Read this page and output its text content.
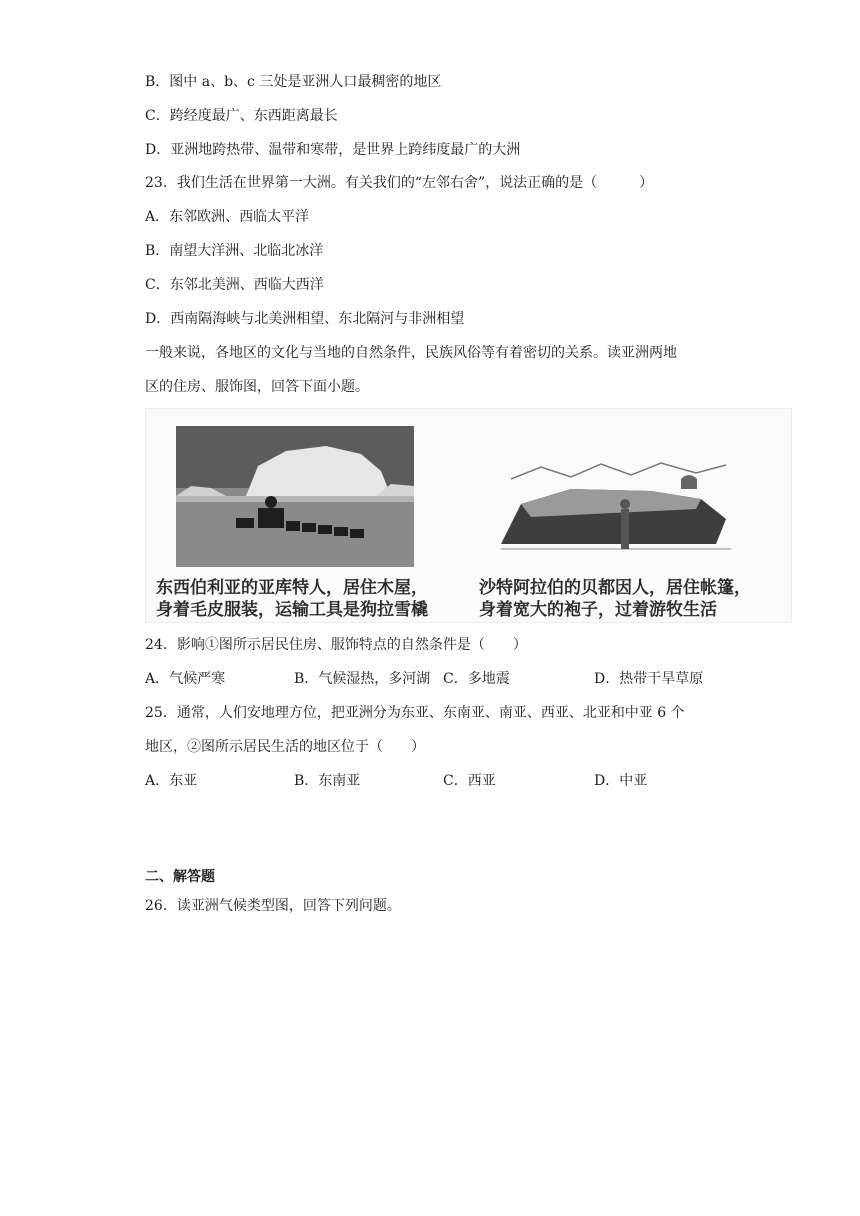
B．图中 a、b、c 三处是亚洲人口最稠密的地区
C．跨经度最广、东西距离最长
D．亚洲地跨热带、温带和寒带，是世界上跨纬度最广的大洲
23．我们生活在世界第一大洲。有关我们的“左邻右舍”，说法正确的是（　　　）
A．东邻欧洲、西临太平洋
B．南望大洋洲、北临北冰洋
C．东邻北美洲、西临大西洋
D．西南隔海峡与北美洲相望、东北隔河与非洲相望
一般来说，各地区的文化与当地的自然条件，民族风俗等有着密切的关系。读亚洲两地
区的住房、服饰图，回答下面小题。
东西伯利亚的亚库特人，居住木屋，
身着毛皮服装，运输工具是狗拉雪橇
沙特阿拉伯的贝都因人，居住帐篷，
身着宽大的袍子，过着游牧生活
24．影响①图所示居民住房、服饰特点的自然条件是（　　）
A．气候严寒	B．气候湿热，多河湖 C．多地震	D．热带干旱草原
25．通常，人们安地理方位，把亚洲分为东亚、东南亚、南亚、西亚、北亚和中亚 6 个
地区，②图所示居民生活的地区位于（　　）
A．东亚	B．东南亚	C．西亚	D．中亚
二、解答题
26．读亚洲气候类型图，回答下列问题。
